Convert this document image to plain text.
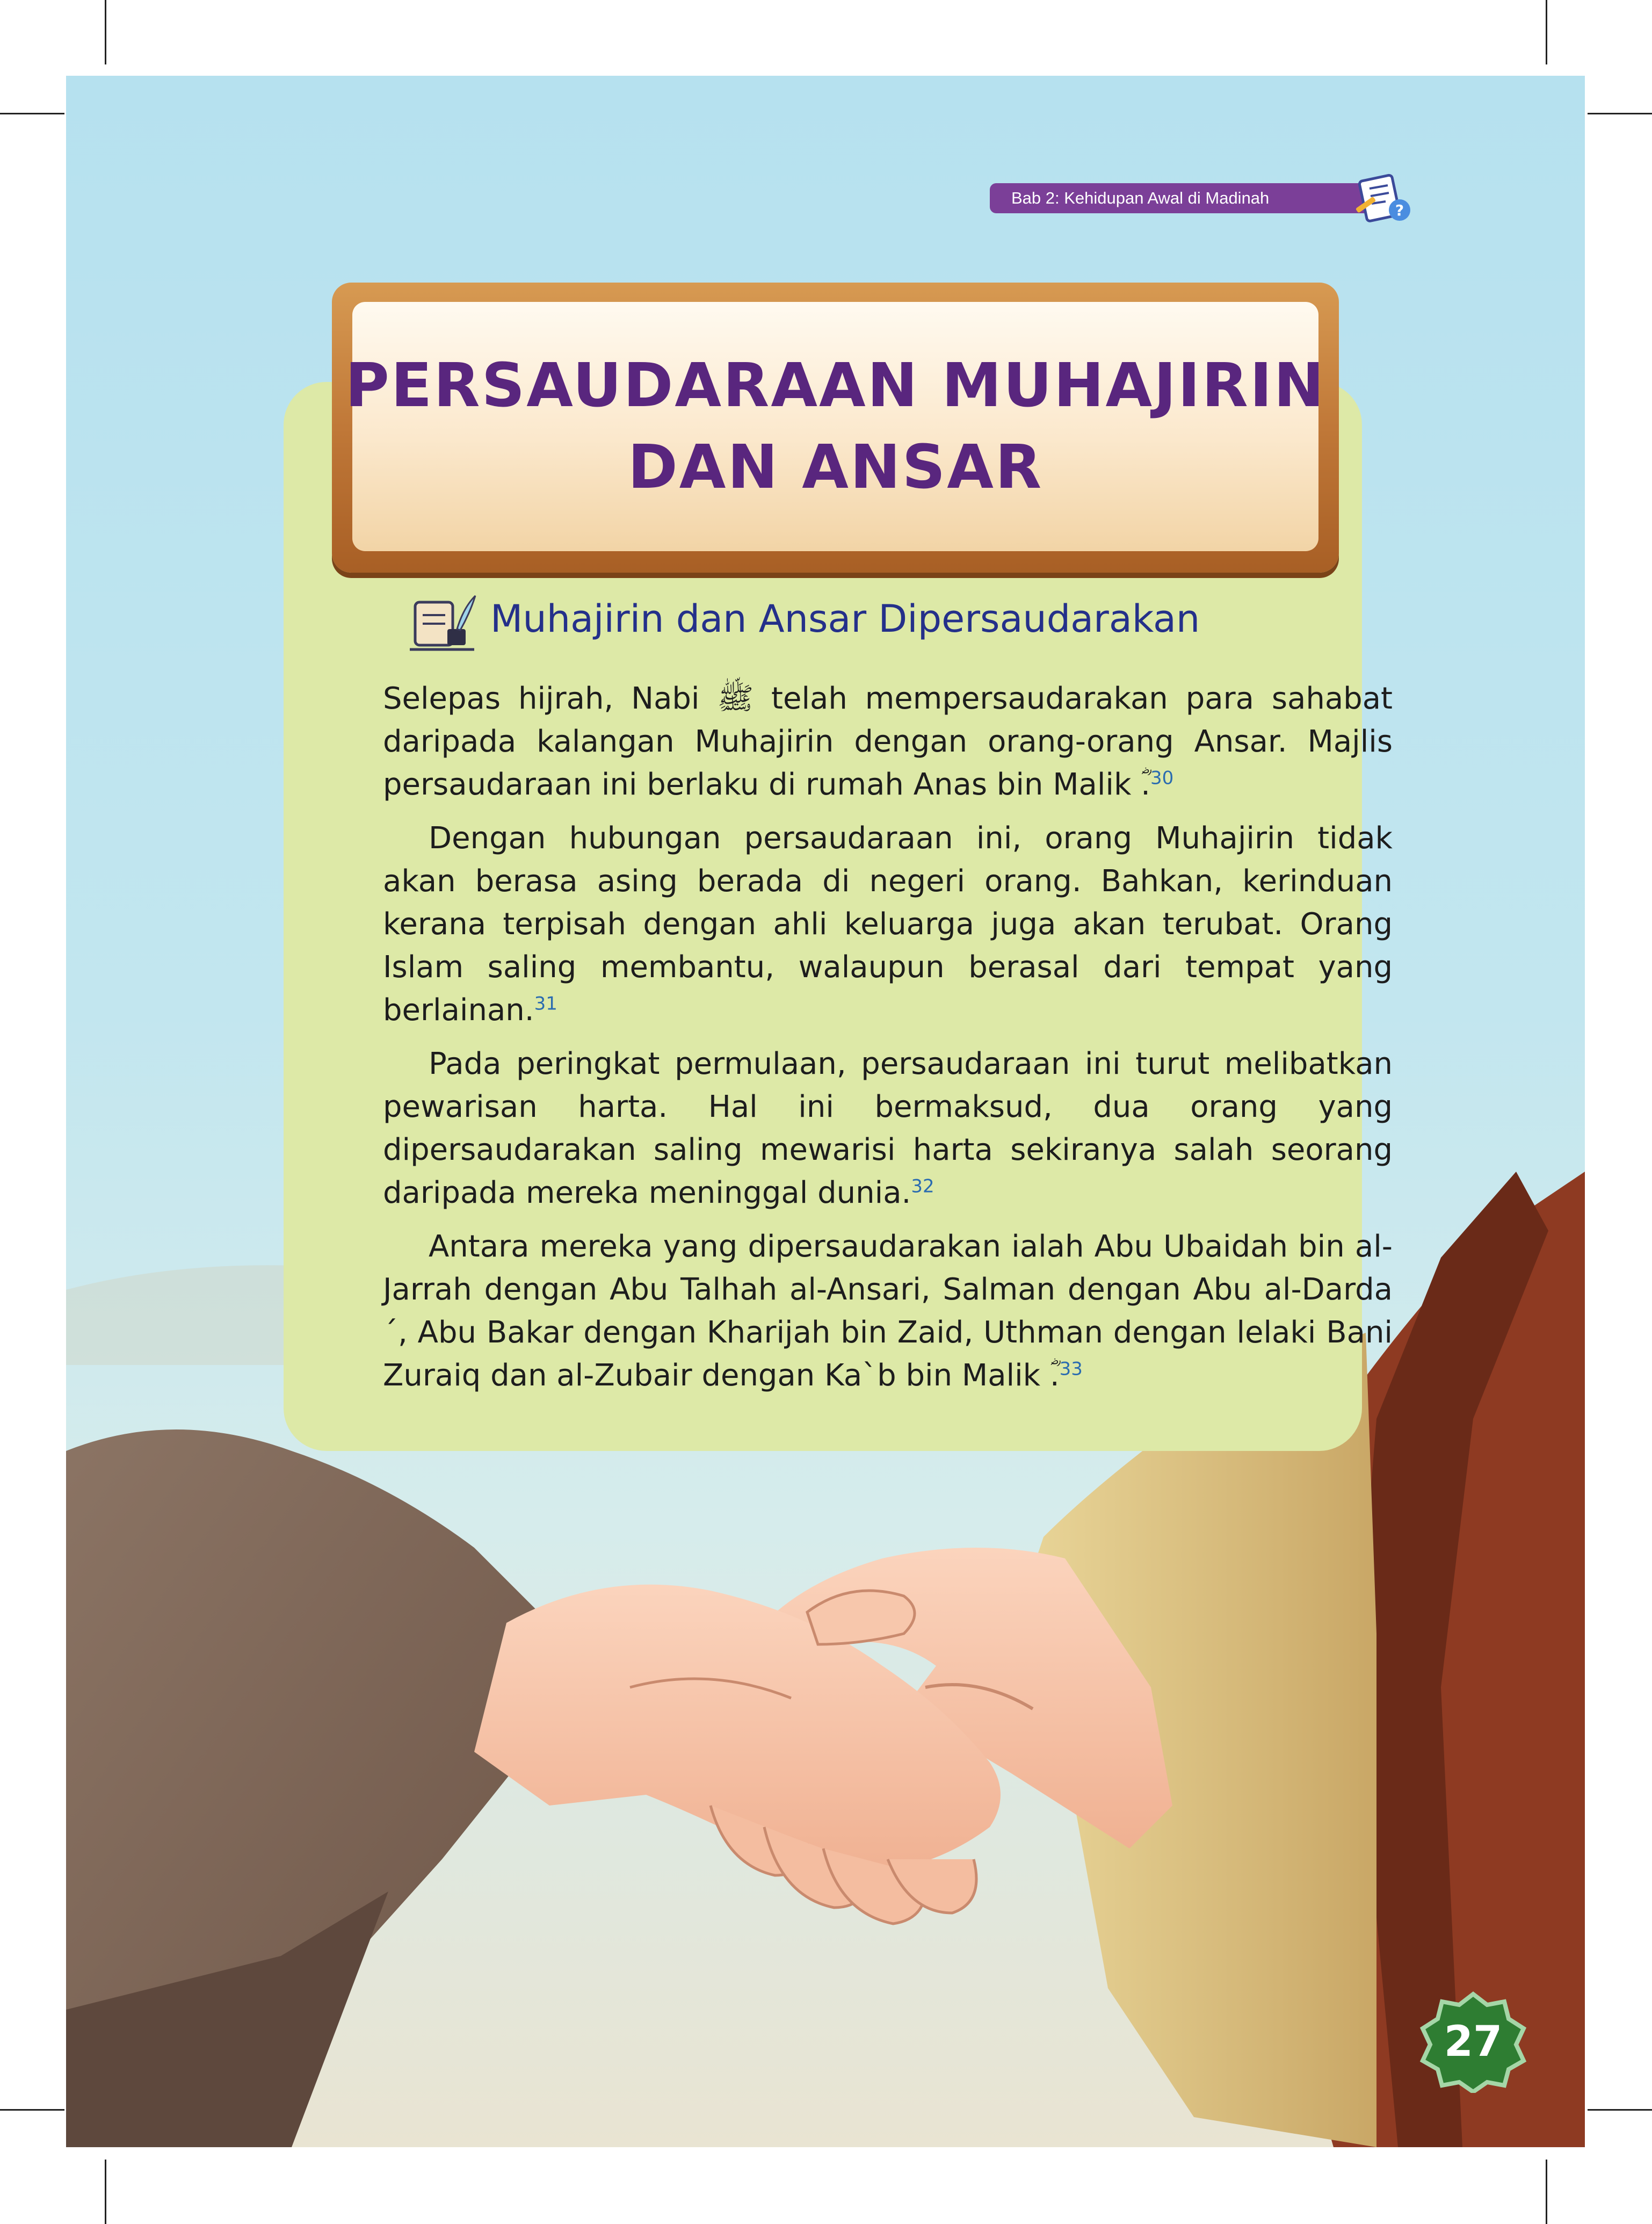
Bab 2: Kehidupan Awal di Madinah
?
PERSAUDARAAN MUHAJIRIN
DAN ANSAR
Muhajirin dan Ansar Dipersaudarakan
Selepas hijrah, Nabi ﷺ telah mempersaudarakan para sahabat daripada kalangan Muhajirin dengan orang-orang Ansar. Majlis persaudaraan ini berlaku di rumah Anas bin Malik ؓ.$^{30}$
Dengan hubungan persaudaraan ini, orang Muhajirin tidak akan berasa asing berada di negeri orang. Bahkan, kerinduan kerana terpisah dengan ahli keluarga juga akan terubat. Orang Islam saling membantu, walaupun berasal dari tempat yang berlainan.$^{31}$
Pada peringkat permulaan, persaudaraan ini turut melibatkan pewarisan harta. Hal ini bermaksud, dua orang yang dipersaudarakan saling mewarisi harta sekiranya salah seorang daripada mereka meninggal dunia.$^{32}$
Antara mereka yang dipersaudarakan ialah Abu Ubaidah bin al-Jarrah dengan Abu Talhah al-Ansari, Salman dengan Abu al-Darda´, Abu Bakar dengan Kharijah bin Zaid, Uthman dengan lelaki Bani Zuraiq dan al-Zubair dengan Ka`b bin Malik ؓ.$^{33}$
27
